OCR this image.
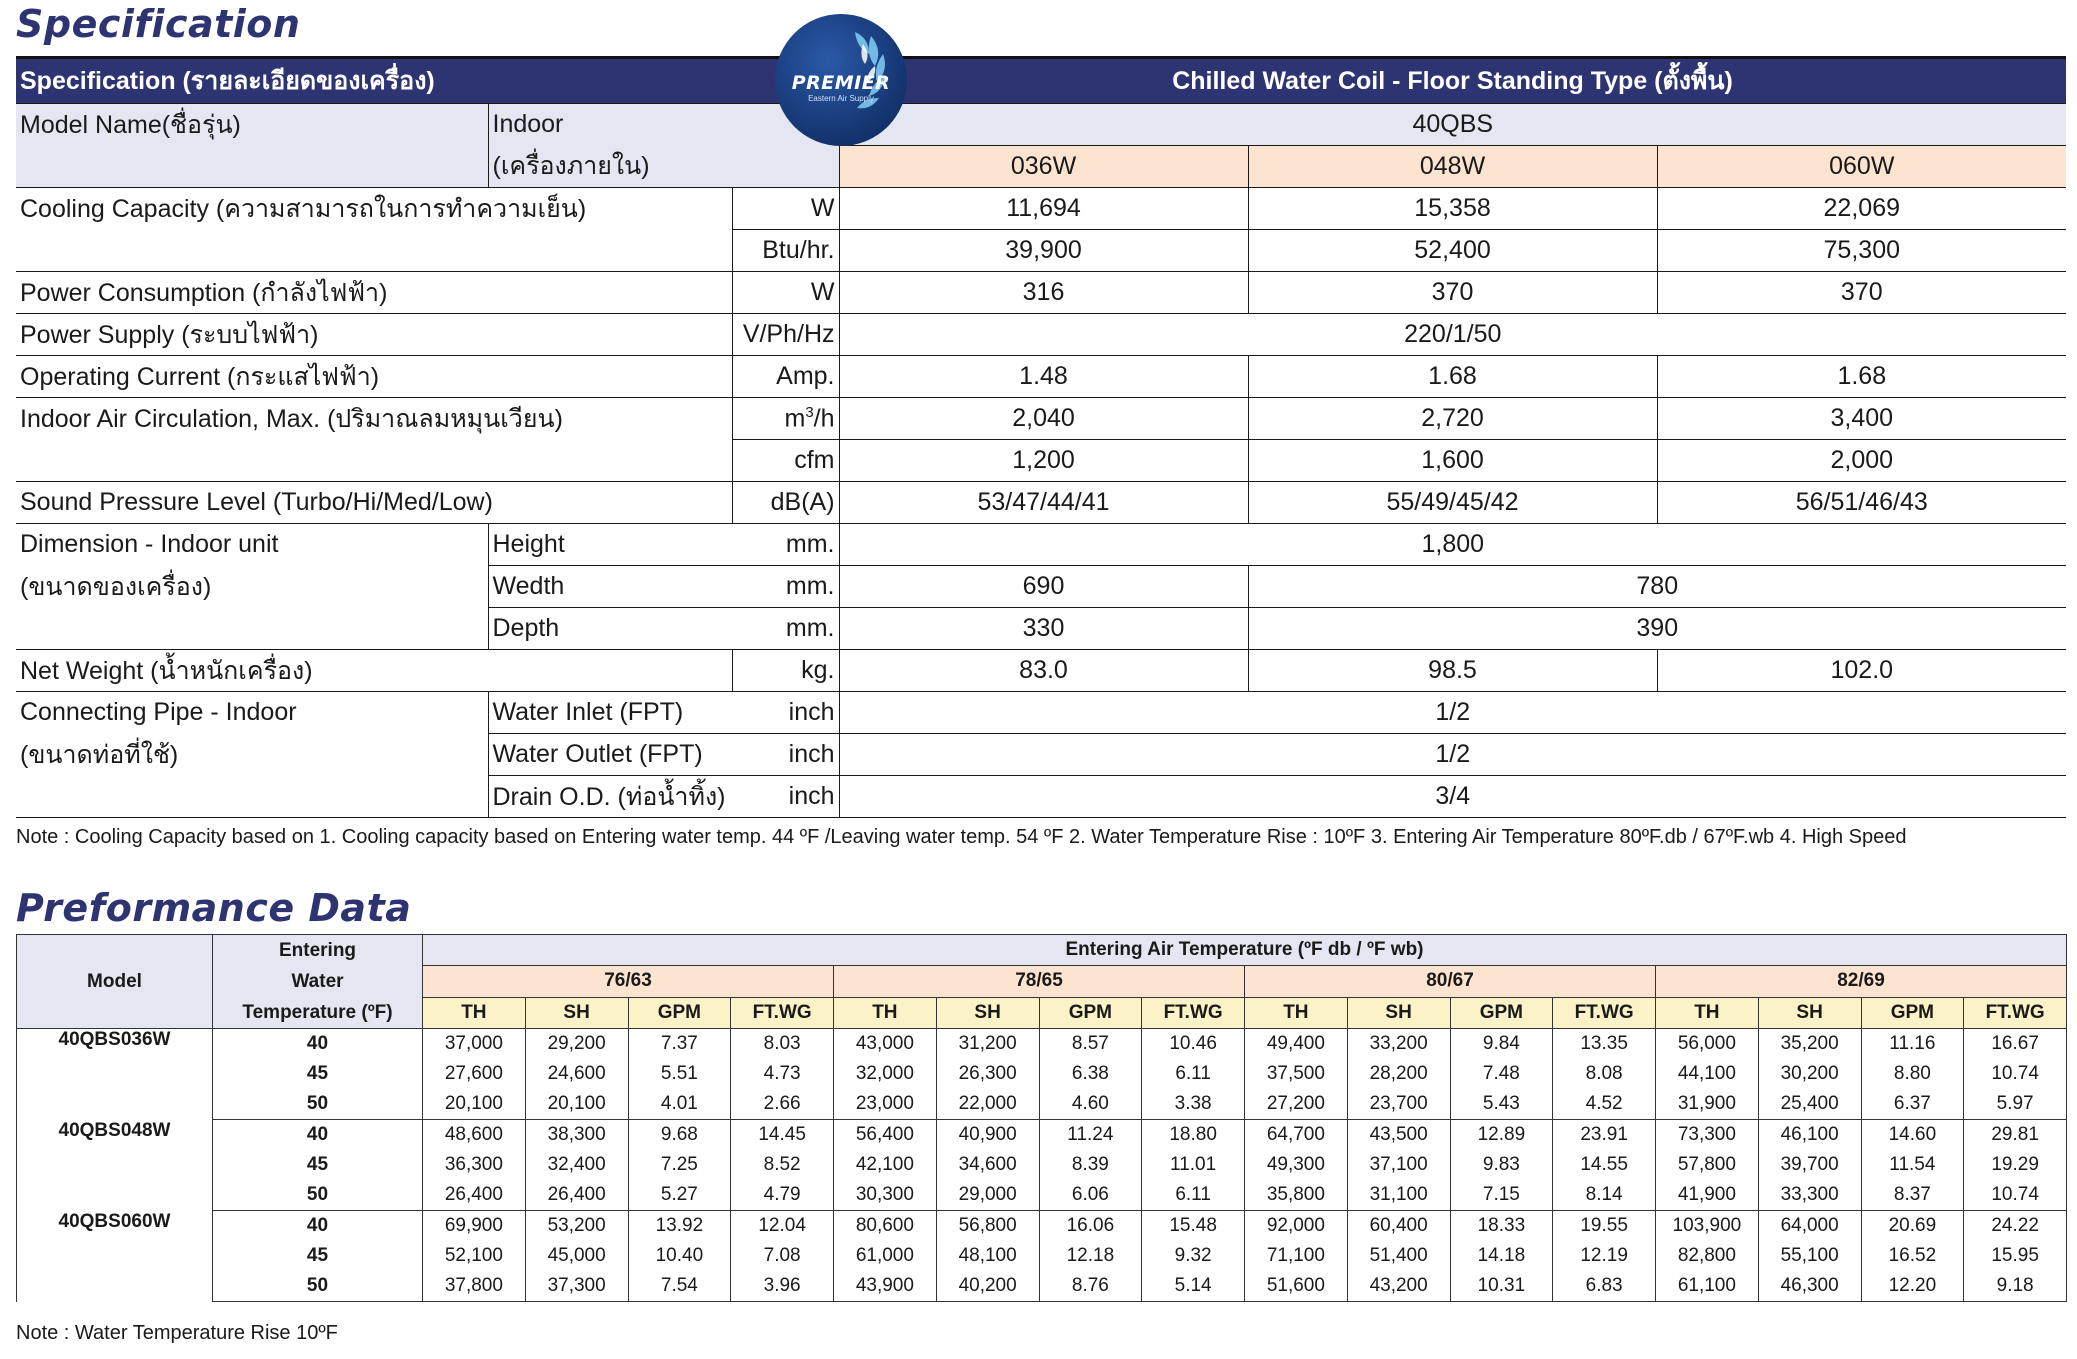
Specification
PREMIER
Eastern Air Supply
Specification (รายละเอียดของเครื่อง)			Chilled Water Coil - Floor Standing Type (ตั้งพื้น)		
Model Name(ชื่อรุ่น)	Indoor		40QBS		
	(เครื่องภายใน)		036W	048W	060W
Cooling Capacity (ความสามารถในการทำความเย็น)		W	11,694	15,358	22,069
		Btu/hr.	39,900	52,400	75,300
Power Consumption (กำลังไฟฟ้า)		W	316	370	370
Power Supply (ระบบไฟฟ้า)		V/Ph/Hz	220/1/50		
Operating Current (กระแสไฟฟ้า)		Amp.	1.48	1.68	1.68
Indoor Air Circulation, Max. (ปริมาณลมหมุนเวียน)		$m^3/h$	2,040	2,720	3,400
		cfm	1,200	1,600	2,000
Sound Pressure Level (Turbo/Hi/Med/Low)		dB(A)	53/47/44/41	55/49/45/42	56/51/46/43
Dimension - Indoor unit	Height	mm.	1,800		
(ขนาดของเครื่อง)	Wedth	mm.	690	780	
	Depth	mm.	330	390	
Net Weight (น้ำหนักเครื่อง)		kg.	83.0	98.5	102.0
Connecting Pipe - Indoor	Water Inlet (FPT)	inch	1/2		
(ขนาดท่อที่ใช้)	Water Outlet (FPT)	inch	1/2		
	Drain O.D. (ท่อน้ำทิ้ง)	inch	3/4		
Note : Cooling Capacity based on 1. Cooling capacity based on Entering water temp. 44 ºF /Leaving water temp. 54 ºF 2. Water Temperature Rise : 10ºF 3. Entering Air Temperature 80ºF.db / 67ºF.wb 4. High Speed
Preformance Data
Model	Entering
Water
Temperature (ºF)	Entering Air Temperature (ºF db / ºF wb)															
		76/63				78/65				80/67				82/69			
		TH	SH	GPM	FT.WG	TH	SH	GPM	FT.WG	TH	SH	GPM	FT.WG	TH	SH	GPM	FT.WG
40QBS036W	40	37,000	29,200	7.37	8.03	43,000	31,200	8.57	10.46	49,400	33,200	9.84	13.35	56,000	35,200	11.16	16.67
	45	27,600	24,600	5.51	4.73	32,000	26,300	6.38	6.11	37,500	28,200	7.48	8.08	44,100	30,200	8.80	10.74
	50	20,100	20,100	4.01	2.66	23,000	22,000	4.60	3.38	27,200	23,700	5.43	4.52	31,900	25,400	6.37	5.97
40QBS048W	40	48,600	38,300	9.68	14.45	56,400	40,900	11.24	18.80	64,700	43,500	12.89	23.91	73,300	46,100	14.60	29.81
	45	36,300	32,400	7.25	8.52	42,100	34,600	8.39	11.01	49,300	37,100	9.83	14.55	57,800	39,700	11.54	19.29
	50	26,400	26,400	5.27	4.79	30,300	29,000	6.06	6.11	35,800	31,100	7.15	8.14	41,900	33,300	8.37	10.74
40QBS060W	40	69,900	53,200	13.92	12.04	80,600	56,800	16.06	15.48	92,000	60,400	18.33	19.55	103,900	64,000	20.69	24.22
	45	52,100	45,000	10.40	7.08	61,000	48,100	12.18	9.32	71,100	51,400	14.18	12.19	82,800	55,100	16.52	15.95
	50	37,800	37,300	7.54	3.96	43,900	40,200	8.76	5.14	51,600	43,200	10.31	6.83	61,100	46,300	12.20	9.18
Note : Water Temperature Rise 10ºF
